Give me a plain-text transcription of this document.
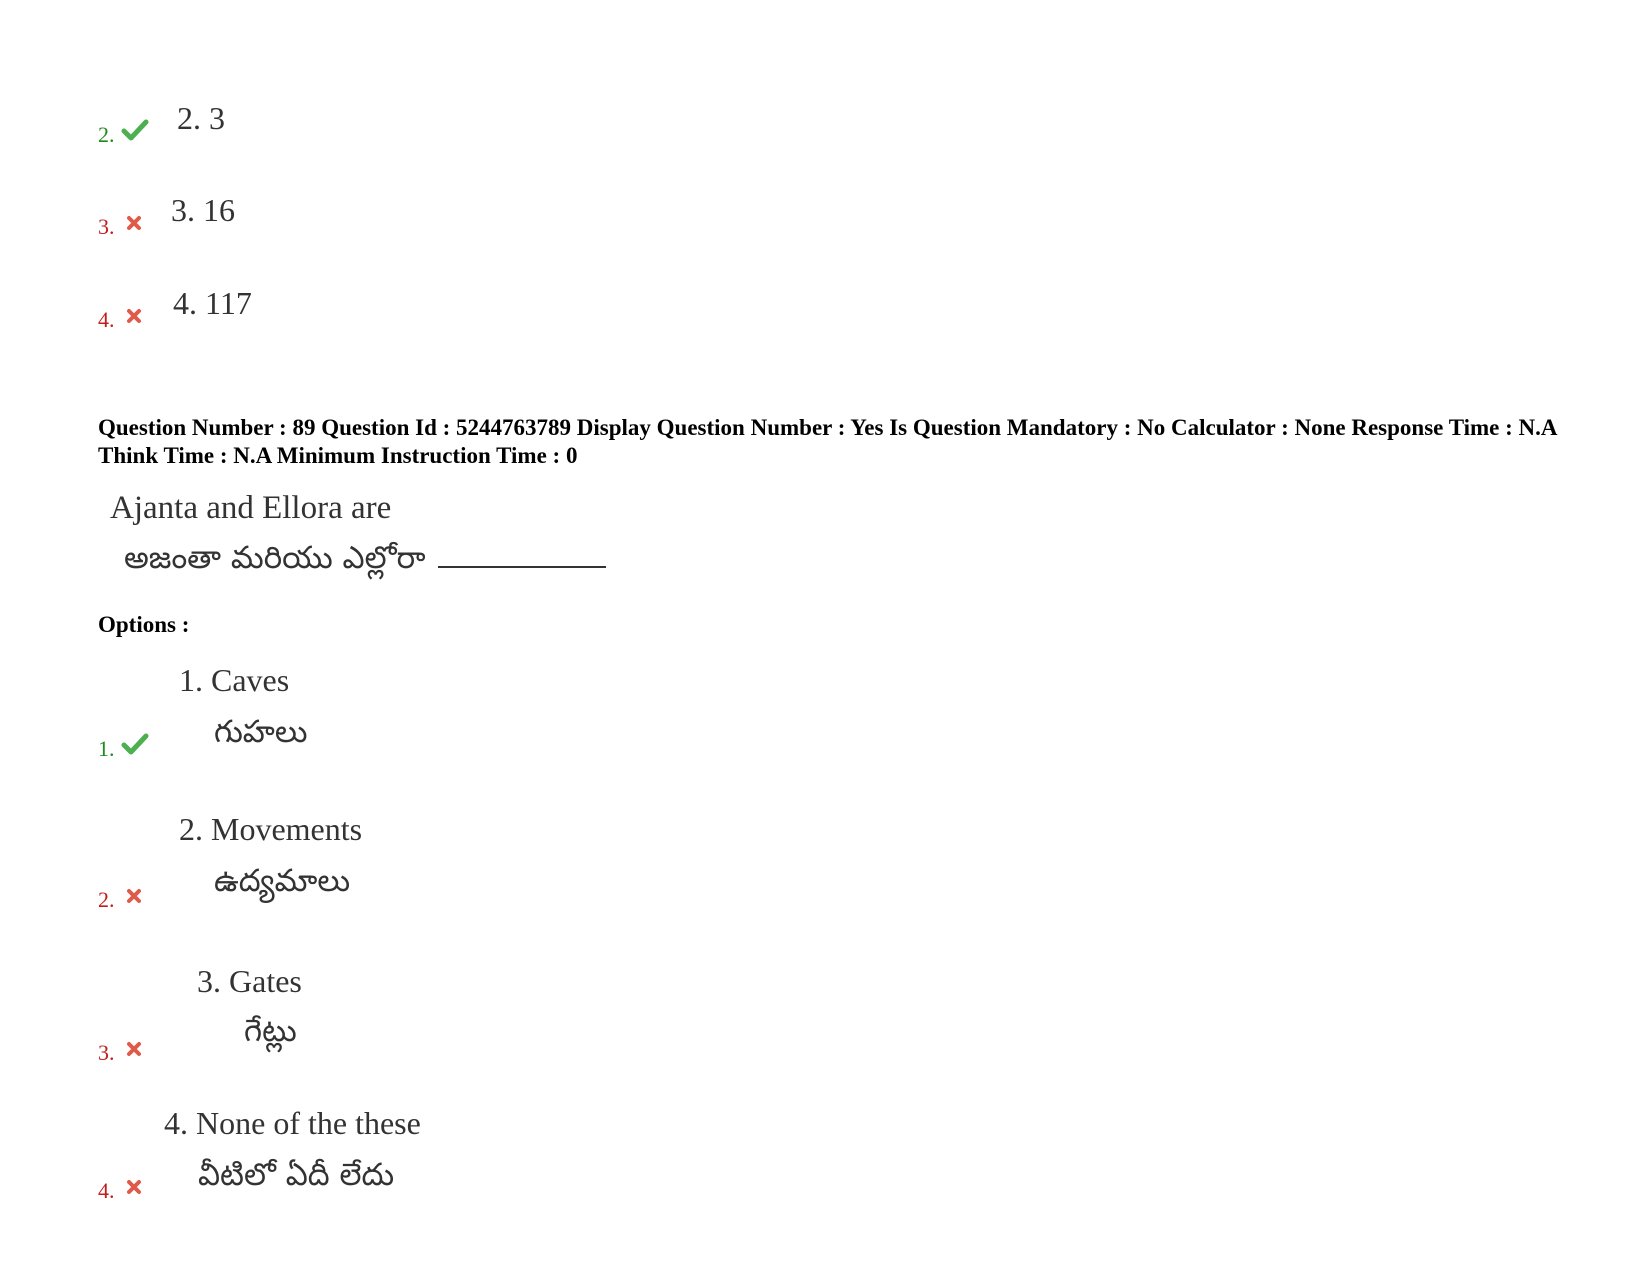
2. 2. 3
3. 3. 16
4. 4. 117
Question Number : 89 Question Id : 5244763789 Display Question Number : Yes Is Question Mandatory : No Calculator : None Response Time : N.A Think Time : N.A Minimum Instruction Time : 0
Ajanta and Ellora are
అజంతా మరియు ఎల్లోరా
Options :
1. Caves
గుహలు
1.
2. Movements
ఉద్యమాలు
2.
3. Gates
గేట్లు
3.
4. None of the these
వీటిలో ఏదీ లేదు
4.
